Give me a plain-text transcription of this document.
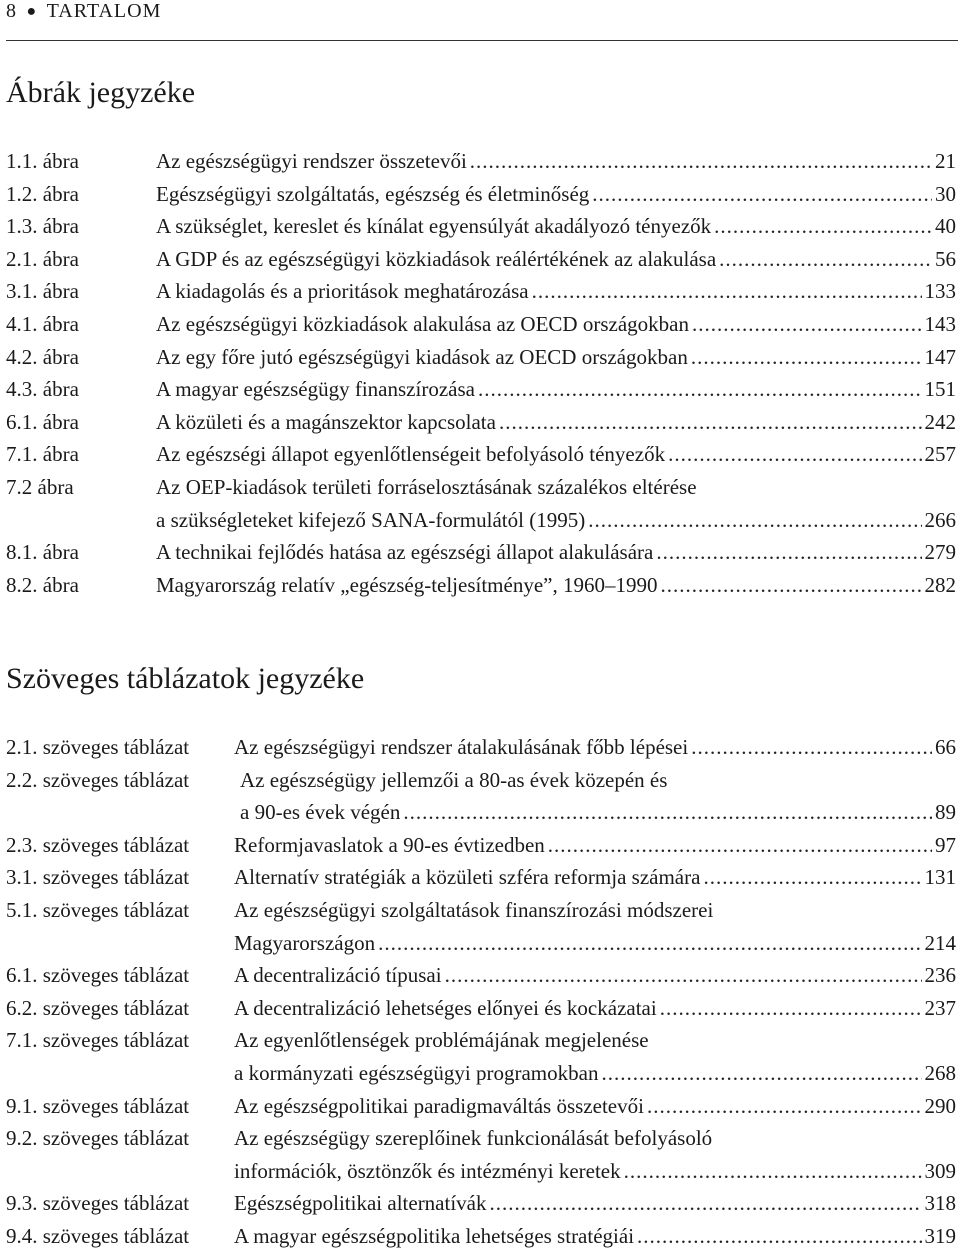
8 ● TARTALOM
Ábrák jegyzéke
1.1. ábra	Az egészségügyi rendszer összetevői .....	21
1.2. ábra	Egészségügyi szolgáltatás, egészség és életminőség .....	30
1.3. ábra	A szükséglet, kereslet és kínálat egyensúlyát akadályozó tényezők .....	40
2.1. ábra	A GDP és az egészségügyi közkiadások reálértékének az alakulása .....	56
3.1. ábra	A kiadagolás és a prioritások meghatározása .....	133
4.1. ábra	Az egészségügyi közkiadások alakulása az OECD országokban .....	143
4.2. ábra	Az egy főre jutó egészségügyi kiadások az OECD országokban .....	147
4.3. ábra	A magyar egészségügy finanszírozása .....	151
6.1. ábra	A közületi és a magánszektor kapcsolata .....	242
7.1. ábra	Az egészségi állapot egyenlőtlenségeit befolyásoló tényezők .....	257
7.2 ábra	Az OEP-kiadások területi forráselosztásának százalékos eltérése
a szükségleteket kifejező SANA-formulától (1995) .....	266
8.1. ábra	A technikai fejlődés hatása az egészségi állapot alakulására .....	279
8.2. ábra	Magyarország relatív „egészség-teljesítménye”, 1960–1990 .....	282
Szöveges táblázatok jegyzéke
2.1. szöveges táblázat	Az egészségügyi rendszer átalakulásának főbb lépései .....	66
2.2. szöveges táblázat	Az egészségügy jellemzői a 80-as évek közepén és
a 90-es évek végén .....	89
2.3. szöveges táblázat	Reformjavaslatok a 90-es évtizedben .....	97
3.1. szöveges táblázat	Alternatív stratégiák a közületi szféra reformja számára .....	131
5.1. szöveges táblázat	Az egészségügyi szolgáltatások finanszírozási módszerei
Magyarországon .....	214
6.1. szöveges táblázat	A decentralizáció típusai .....	236
6.2. szöveges táblázat	A decentralizáció lehetséges előnyei és kockázatai .....	237
7.1. szöveges táblázat	Az egyenlőtlenségek problémájának megjelenése
a kormányzati egészségügyi programokban .....	268
9.1. szöveges táblázat	Az egészségpolitikai paradigmaváltás összetevői .....	290
9.2. szöveges táblázat	Az egészségügy szereplőinek funkcionálását befolyásoló
információk, ösztönzők és intézményi keretek .....	309
9.3. szöveges táblázat	Egészségpolitikai alternatívák .....	318
9.4. szöveges táblázat	A magyar egészségpolitika lehetséges stratégiái .....	319
